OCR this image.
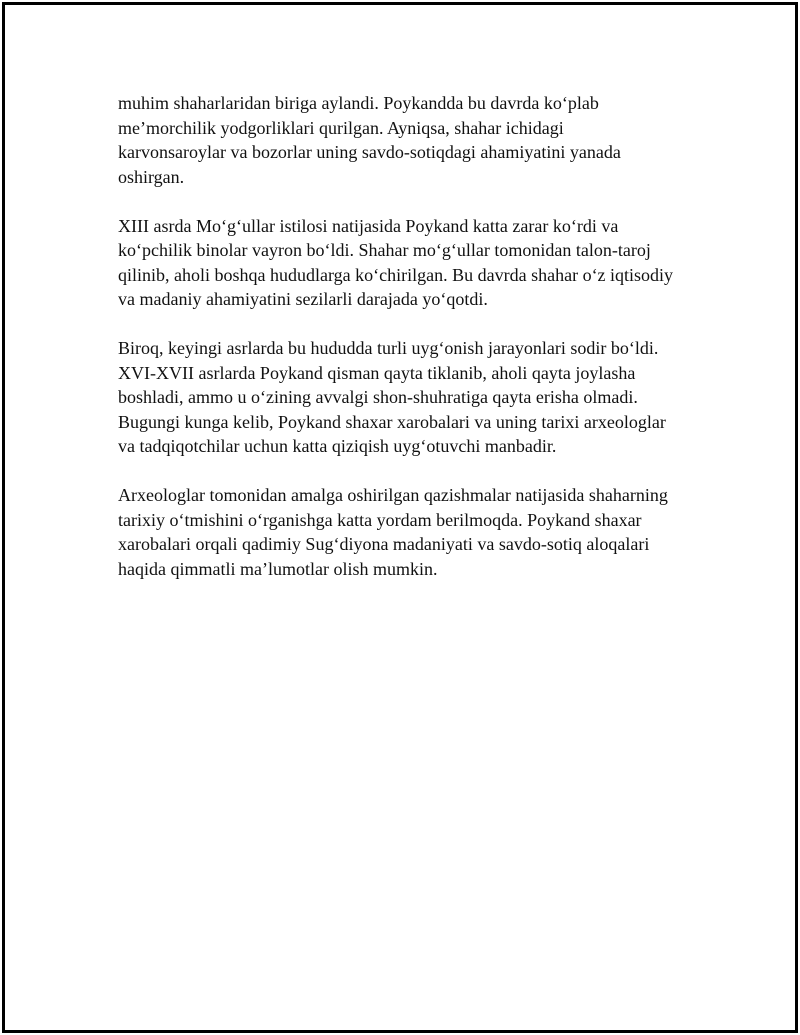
muhim shaharlaridan biriga aylandi. Poykandda bu davrda ko‘plab
me’morchilik yodgorliklari qurilgan. Ayniqsa, shahar ichidagi
karvonsaroylar va bozorlar uning savdo-sotiqdagi ahamiyatini yanada
oshirgan.

XIII asrda Mo‘g‘ullar istilosi natijasida Poykand katta zarar ko‘rdi va
ko‘pchilik binolar vayron bo‘ldi. Shahar mo‘g‘ullar tomonidan talon-taroj
qilinib, aholi boshqa hududlarga ko‘chirilgan. Bu davrda shahar o‘z iqtisodiy
va madaniy ahamiyatini sezilarli darajada yo‘qotdi.

Biroq, keyingi asrlarda bu hududda turli uyg‘onish jarayonlari sodir bo‘ldi.
XVI-XVII asrlarda Poykand qisman qayta tiklanib, aholi qayta joylasha
boshladi, ammo u o‘zining avvalgi shon-shuhratiga qayta erisha olmadi.
Bugungi kunga kelib, Poykand shaxar xarobalari va uning tarixi arxeologlar
va tadqiqotchilar uchun katta qiziqish uyg‘otuvchi manbadir.

Arxeologlar tomonidan amalga oshirilgan qazishmalar natijasida shaharning
tarixiy o‘tmishini o‘rganishga katta yordam berilmoqda. Poykand shaxar
xarobalari orqali qadimiy Sug‘diyona madaniyati va savdo-sotiq aloqalari
haqida qimmatli ma’lumotlar olish mumkin.
